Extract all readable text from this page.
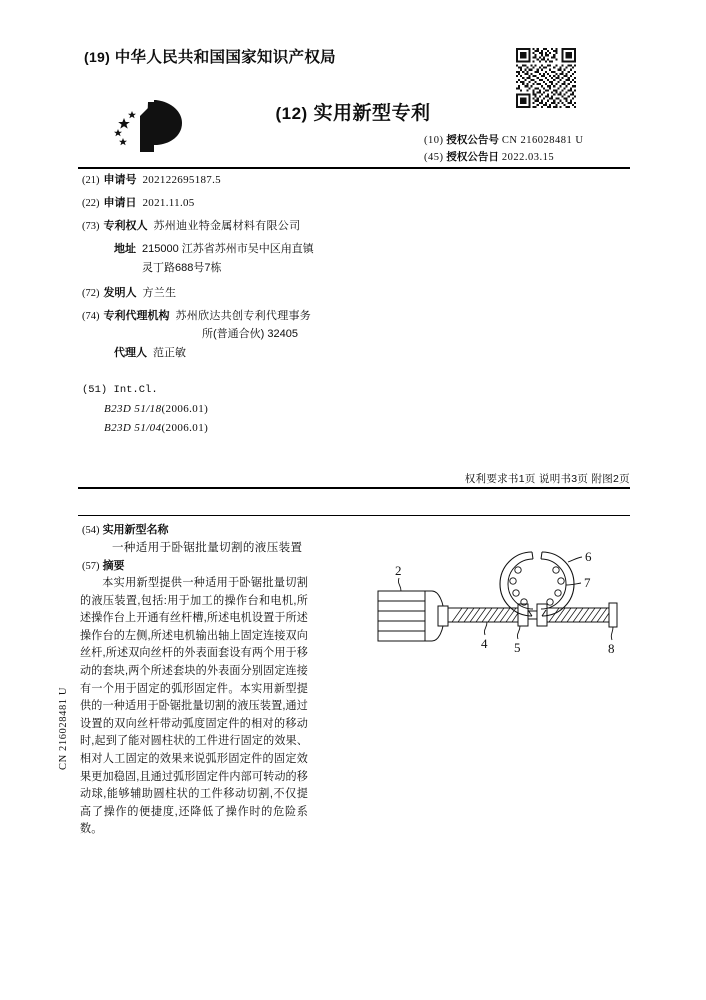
CN 216028481 U
(19) 中华人民共和国国家知识产权局
(12) 实用新型专利
(10) 授权公告号 CN 216028481 U
(45) 授权公告日 2022.03.15
(21) 申请号 202122695187.5
(22) 申请日 2021.11.05
(73) 专利权人 苏州迪业特金属材料有限公司
地址 215000 江苏省苏州市吴中区甪直镇
灵丁路688号7栋
(72) 发明人 方兰生
(74) 专利代理机构 苏州欣达共创专利代理事务
所(普通合伙) 32405
代理人 范正敏
(51) Int.Cl.
B23D 51/18(2006.01)
B23D 51/04(2006.01)
权利要求书1页 说明书3页 附图2页
(54) 实用新型名称
一种适用于卧锯批量切割的液压装置
(57) 摘要

本实用新型提供一种适用于卧锯批量切割的液压装置,包括:用于加工的操作台和电机,所述操作台上开通有丝杆槽,所述电机设置于所述操作台的左侧,所述电机输出轴上固定连接双向丝杆,所述双向丝杆的外表面套设有两个用于移动的套块,两个所述套块的外表面分别固定连接有一个用于固定的弧形固定件。本实用新型提供的一种适用于卧锯批量切割的液压装置,通过设置的双向丝杆带动弧度固定件的相对的移动时,起到了能对圆柱状的工件进行固定的效果、相对人工固定的效果来说弧形固定件的固定效果更加稳固,且通过弧形固定件内部可转动的移动球,能够辅助圆柱状的工件移动切割,不仅提高了操作的便捷度,还降低了操作时的危险系数。

2
4 5
6
7
8
